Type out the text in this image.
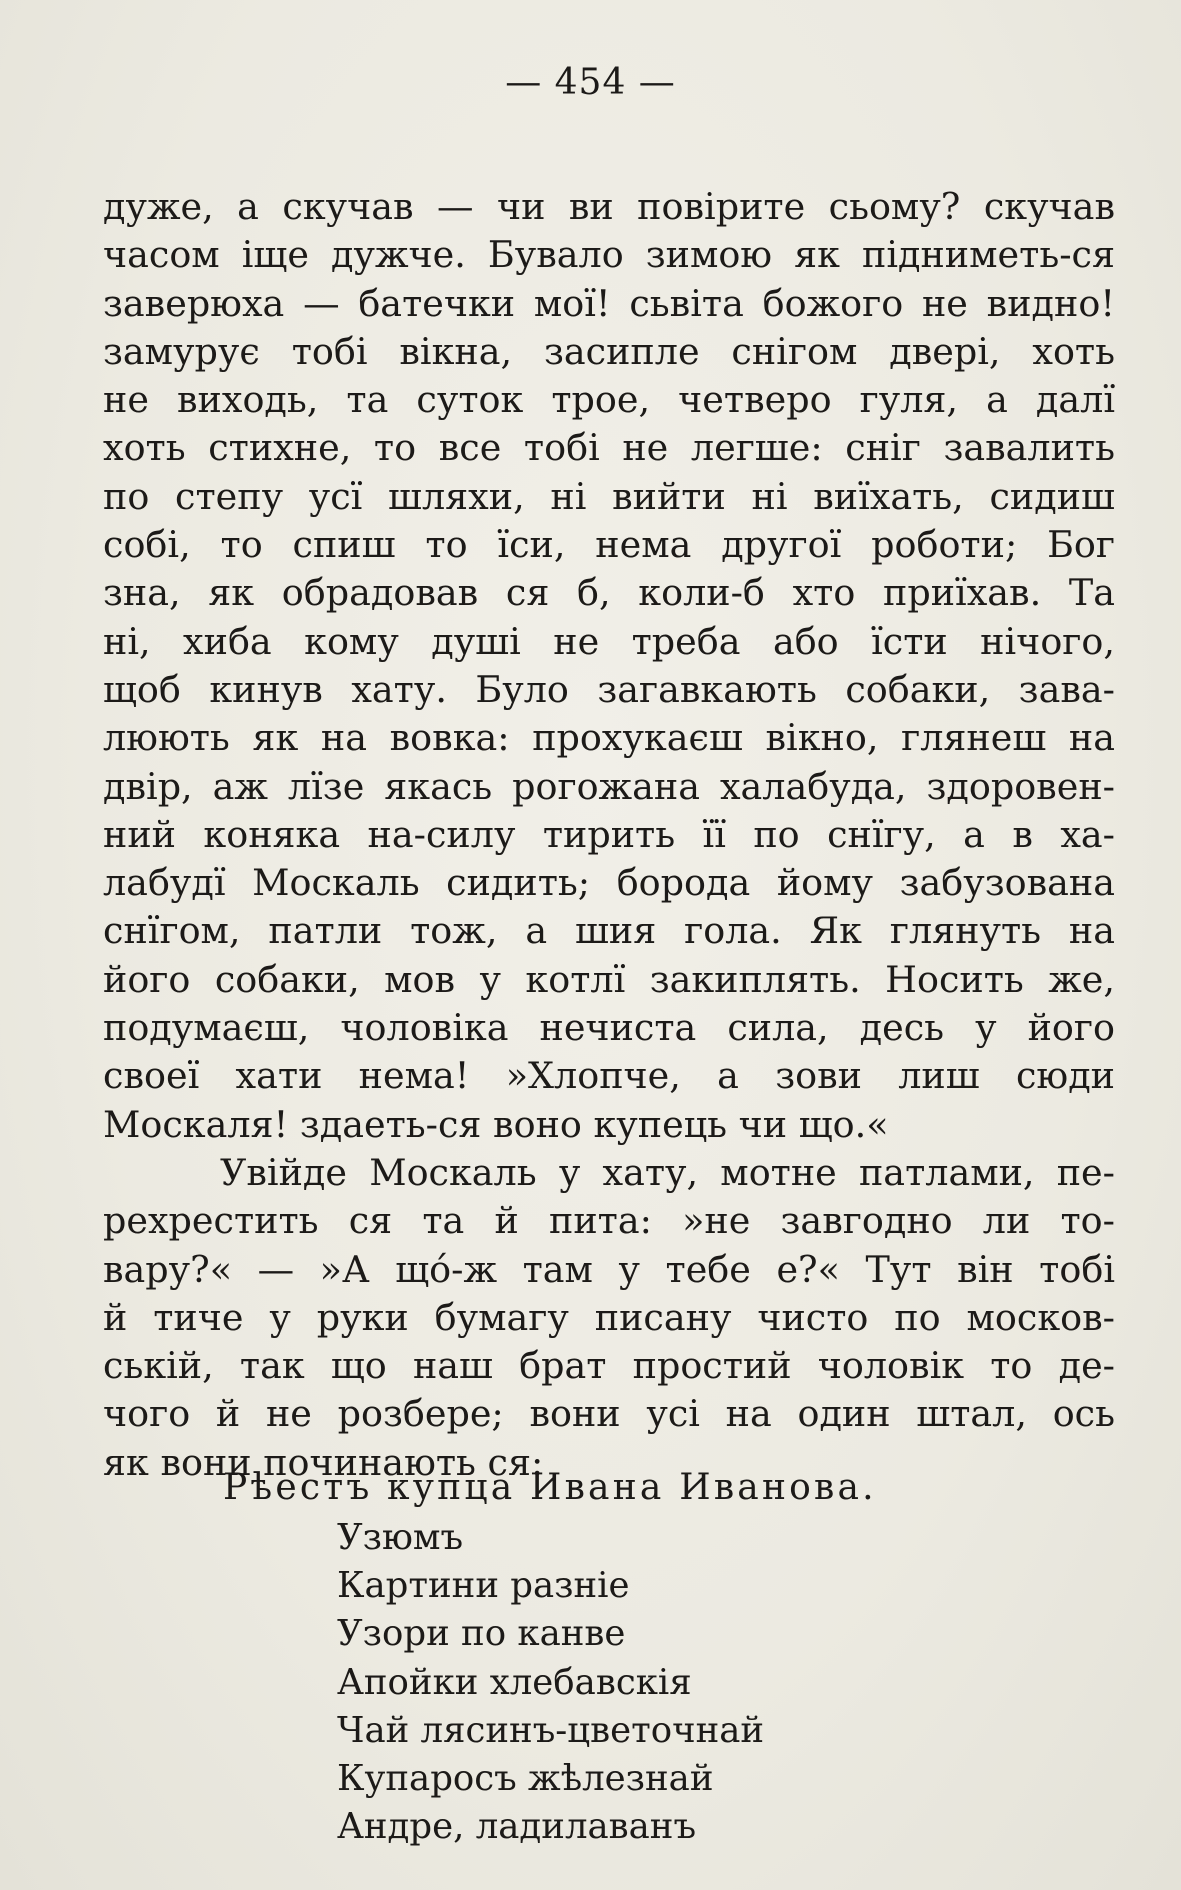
— 454 —
дуже, а скучав — чи ви повірите сьому? скучав
часом іще дужче. Бувало зимою як підниметь-ся
заверюха — батечки мої! сьвіта божого не видно!
замурує тобі вікна, засипле снігом двері, хоть
не виходь, та суток трое, четверо гуля, а далї
хоть стихне, то все тобі не легше: сніг завалить
по степу усї шляхи, ні вийти ні виїхать, сидиш
собі, то спиш то їси, нема другої роботи; Бог
зна, як обрадовав ся б, коли-б хто приїхав. Та
ні, хиба кому душі не треба або їсти нічого,
щоб кинув хату. Було загавкають собаки, зава-
люють як на вовка: прохукаєш вікно, глянеш на
двір, аж лїзе якась рогожана халабуда, здоровен-
ний коняка на-силу тирить її по снїгу, а в ха-
лабудї Москаль сидить; борода йому забузована
снїгом, патли тож, а шия гола. Як глянуть на
його собаки, мов у котлї закиплять. Носить же,
подумаєш, чоловіка нечиста сила, десь у його
своеї хати нема! »Хлопче, а зови лиш сюди
Москаля! здаеть-ся воно купець чи що.«
Увійде Москаль у хату, мотне патлами, пе-
рехрестить ся та й пита: »не завгодно ли то-
вару?« — »А щó-ж там у тебе е?« Тут він тобі
й тиче у руки бумагу писану чисто по москов-
ській, так що наш брат простий чоловік то де-
чого й не розбере; вони усі на один штал, ось
як вони починають ся:
Рѣестъ купца Ивана Иванова.
Узюмъ
Картини разніе
Узори по канве
Апойки хлебавскія
Чай лясинъ-цветочнай
Купаросъ жѣлезнай
Андре, ладилаванъ
